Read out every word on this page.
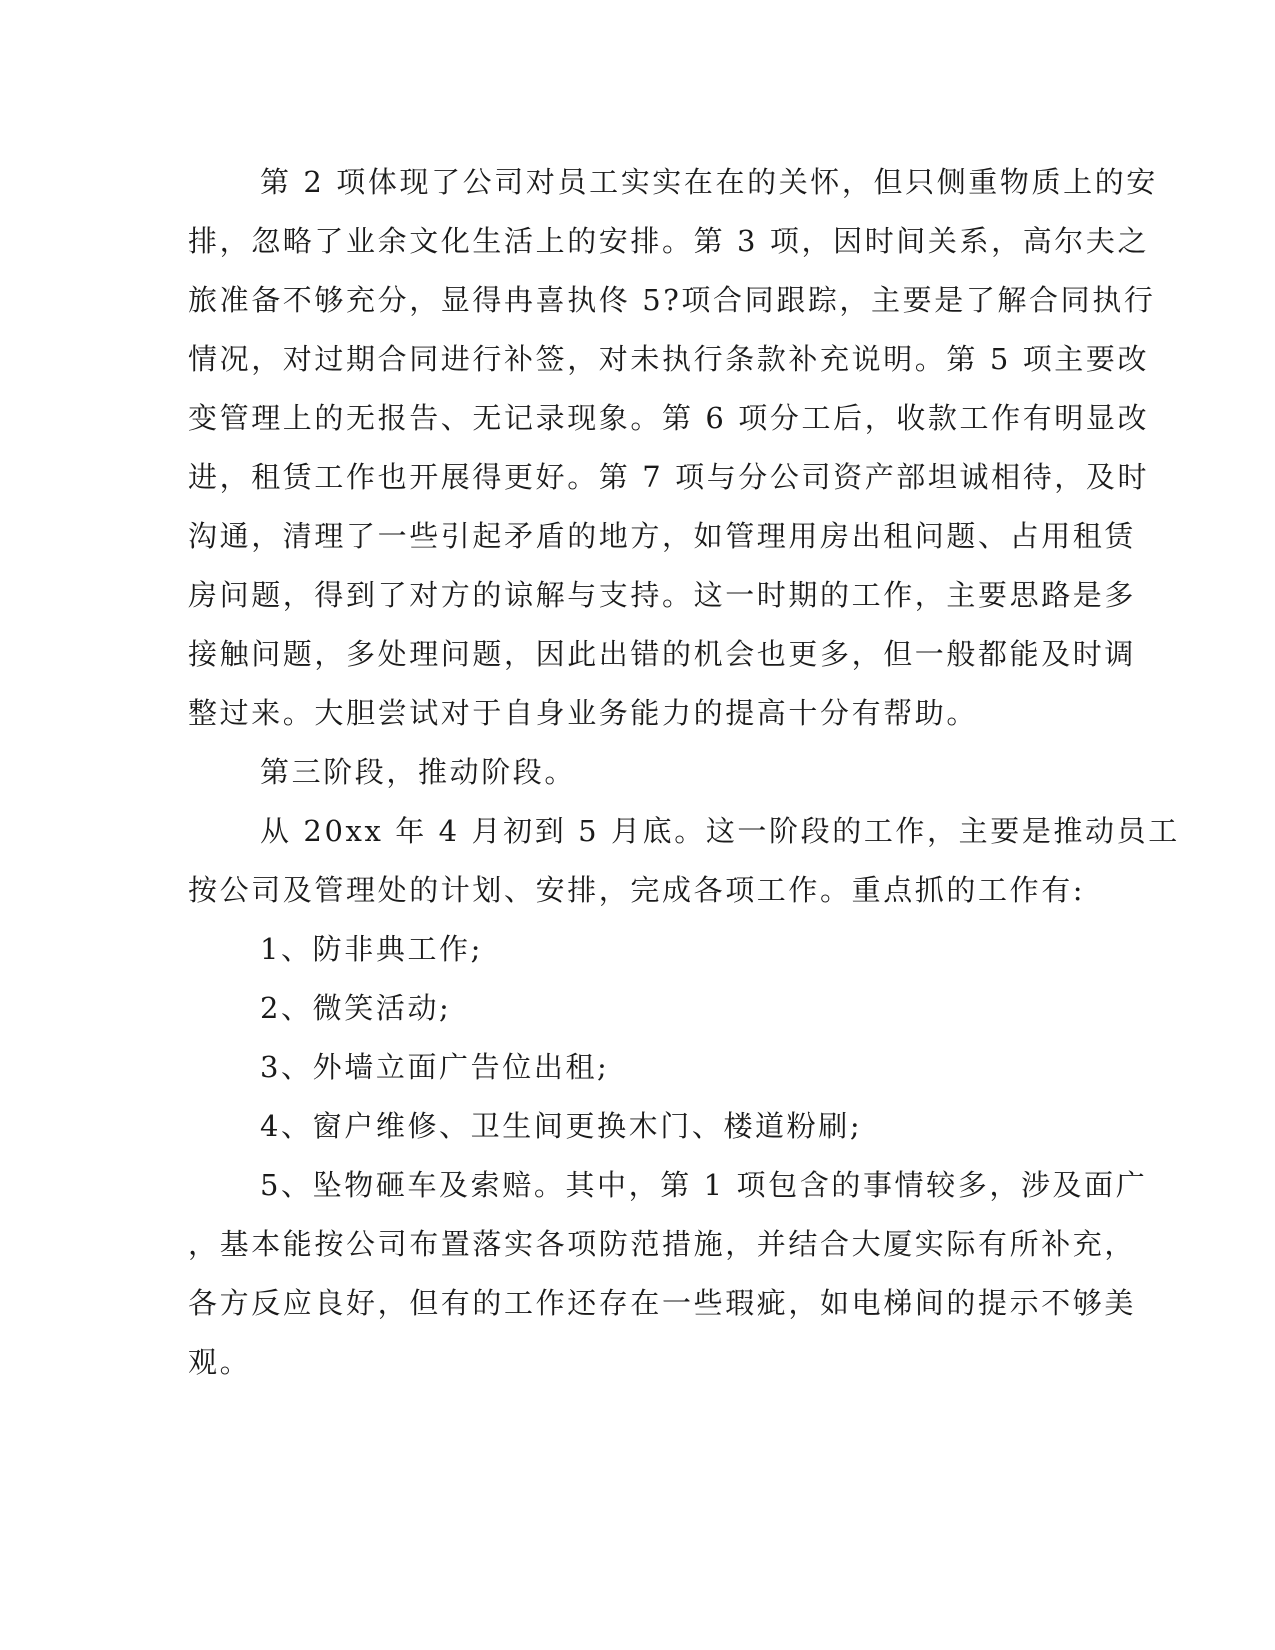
第 2 项体现了公司对员工实实在在的关怀，但只侧重物质上的安
排，忽略了业余文化生活上的安排。第 3 项，因时间关系，高尔夫之
旅准备不够充分，显得冉喜执佟 5?项合同跟踪，主要是了解合同执行
情况，对过期合同进行补签，对未执行条款补充说明。第 5 项主要改
变管理上的无报告、无记录现象。第 6 项分工后，收款工作有明显改
进，租赁工作也开展得更好。第 7 项与分公司资产部坦诚相待，及时
沟通，清理了一些引起矛盾的地方，如管理用房出租问题、占用租赁
房问题，得到了对方的谅解与支持。这一时期的工作，主要思路是多
接触问题，多处理问题，因此出错的机会也更多，但一般都能及时调
整过来。大胆尝试对于自身业务能力的提高十分有帮助。
第三阶段，推动阶段。
从 20xx 年 4 月初到 5 月底。这一阶段的工作，主要是推动员工
按公司及管理处的计划、安排，完成各项工作。重点抓的工作有:
1、防非典工作;
2、微笑活动;
3、外墙立面广告位出租;
4、窗户维修、卫生间更换木门、楼道粉刷;
5、坠物砸车及索赔。其中，第 1 项包含的事情较多，涉及面广
，基本能按公司布置落实各项防范措施，并结合大厦实际有所补充，
各方反应良好，但有的工作还存在一些瑕疵，如电梯间的提示不够美
观。
